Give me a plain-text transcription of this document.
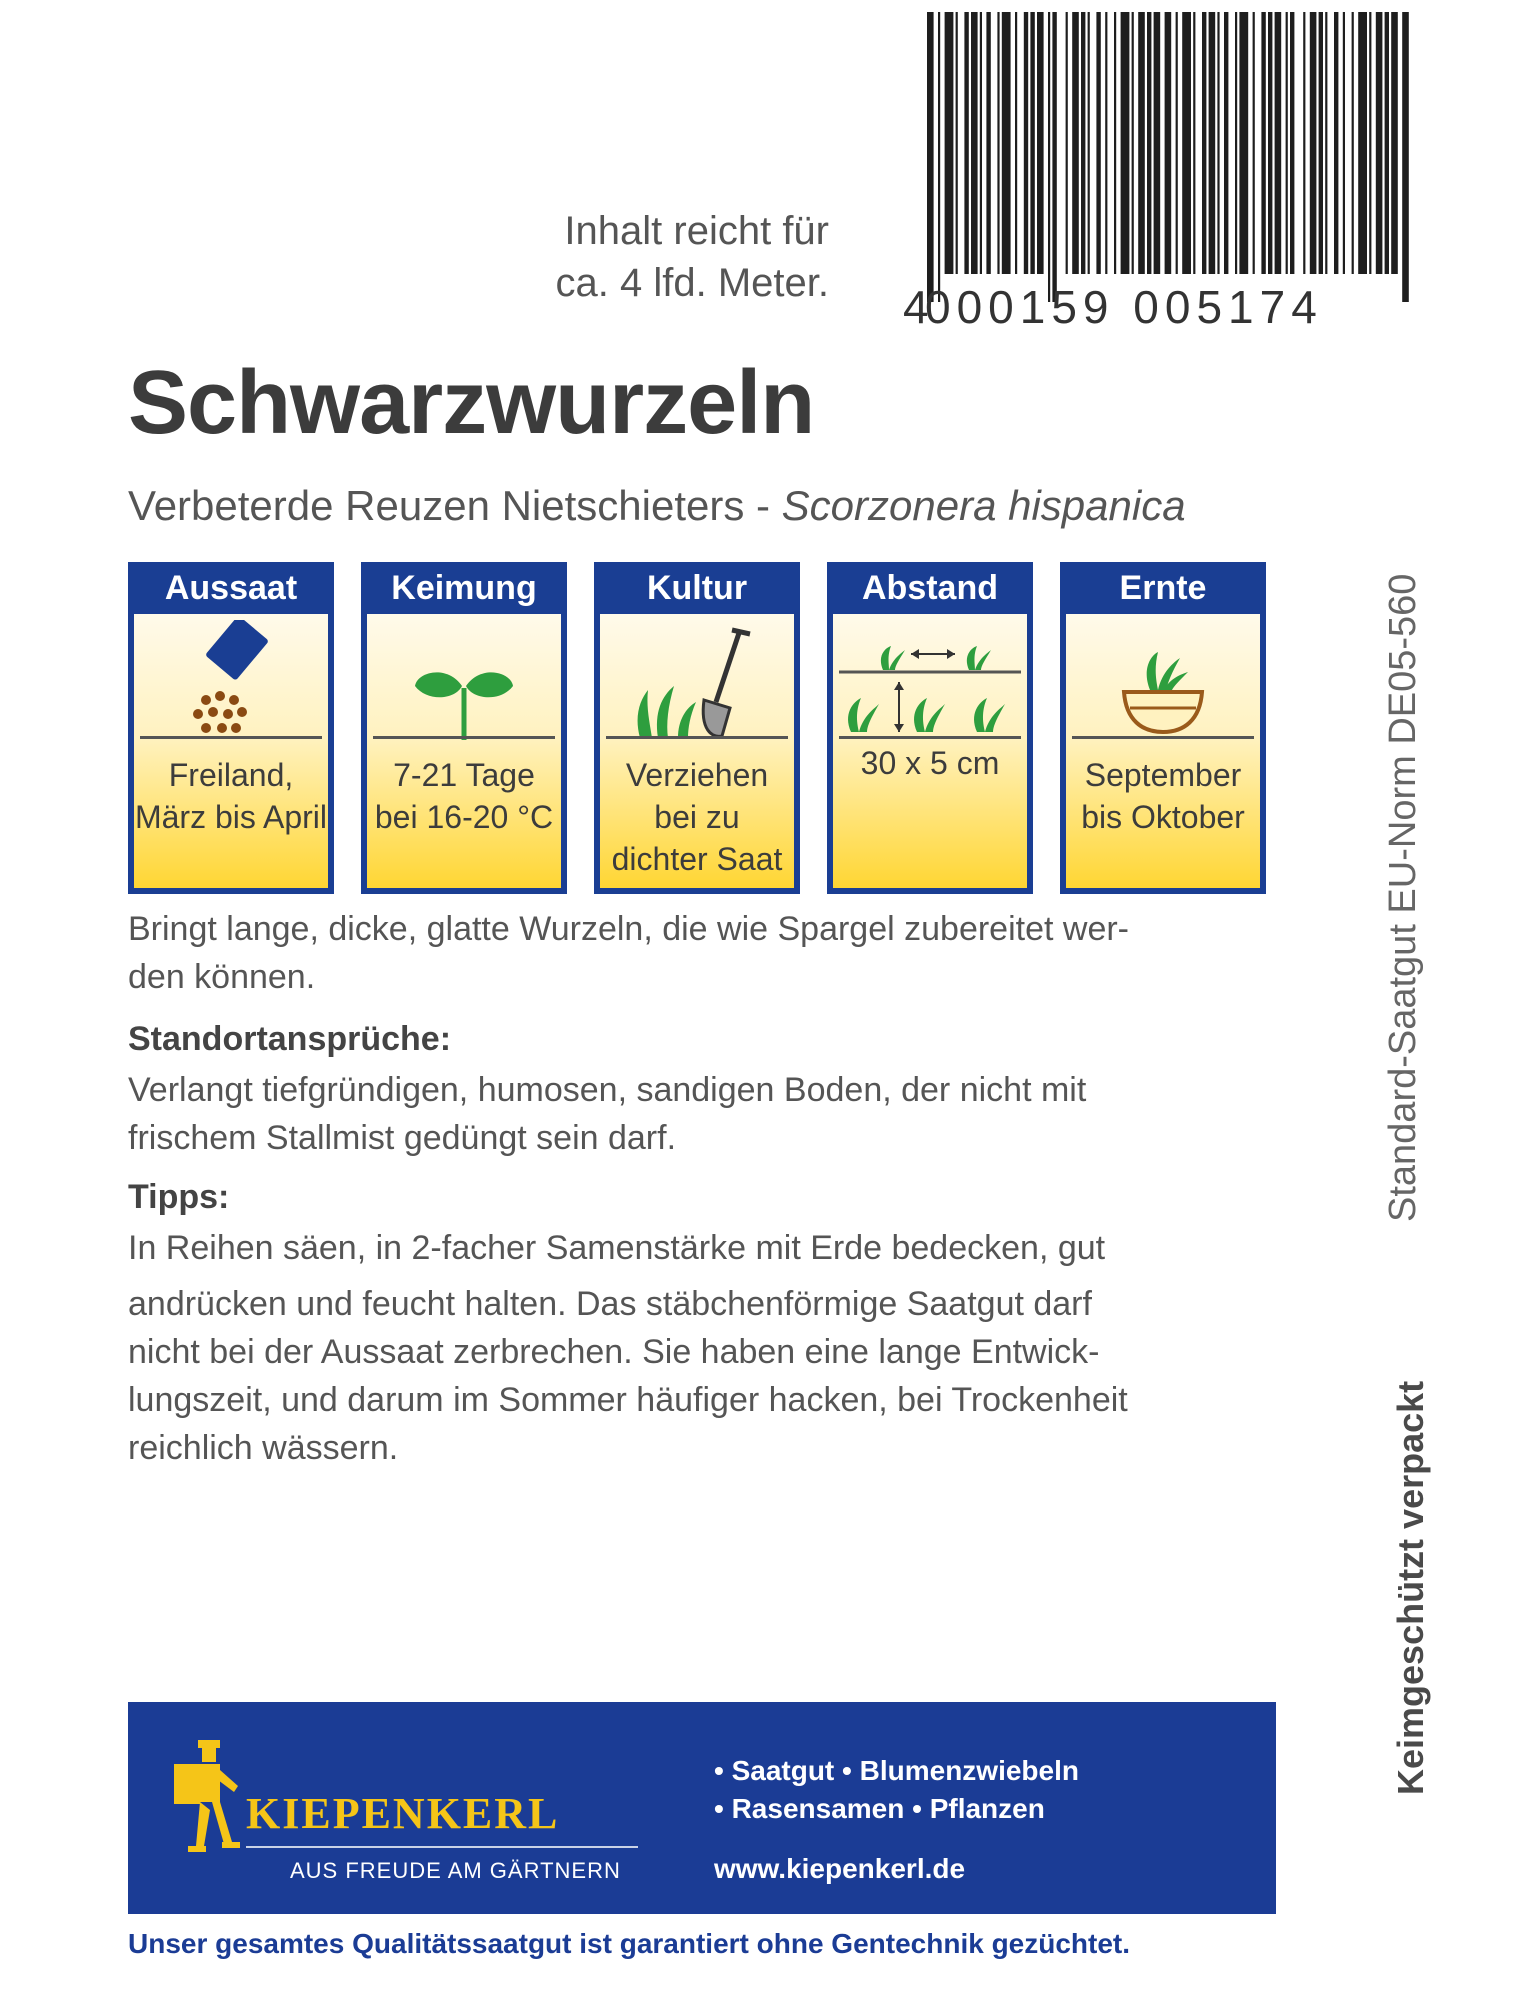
4
000159 005174
Inhalt reicht für
ca. 4 lfd. Meter.
Schwarzwurzeln
Verbeterde Reuzen Nietschieters - Scorzonera hispanica
Aussaat
Freiland,
März bis April
Keimung
7-21 Tage
bei 16-20 °C
Kultur
Verziehen
bei zu
dichter Saat
Abstand
30 x 5 cm
Ernte
September
bis Oktober
Bringt lange, dicke, glatte Wurzeln, die wie Spargel zubereitet wer-
den können.
Standortansprüche:
Verlangt tiefgründigen, humosen, sandigen Boden, der nicht mit
frischem Stallmist gedüngt sein darf.
Tipps:
In Reihen säen, in 2-facher Samenstärke mit Erde bedecken, gut
andrücken und feucht halten. Das stäbchenförmige Saatgut darf
nicht bei der Aussaat zerbrechen. Sie haben eine lange Entwick-
lungszeit, und darum im Sommer häufiger hacken, bei Trockenheit
reichlich wässern.
Standard-Saatgut EU-Norm DE05-560
Keimgeschützt verpackt
KIEPENKERL
AUS FREUDE AM GÄRTNERN
• Saatgut • Blumenzwiebeln
• Rasensamen • Pflanzen
www.kiepenkerl.de
Unser gesamtes Qualitätssaatgut ist garantiert ohne Gentechnik gezüchtet.
